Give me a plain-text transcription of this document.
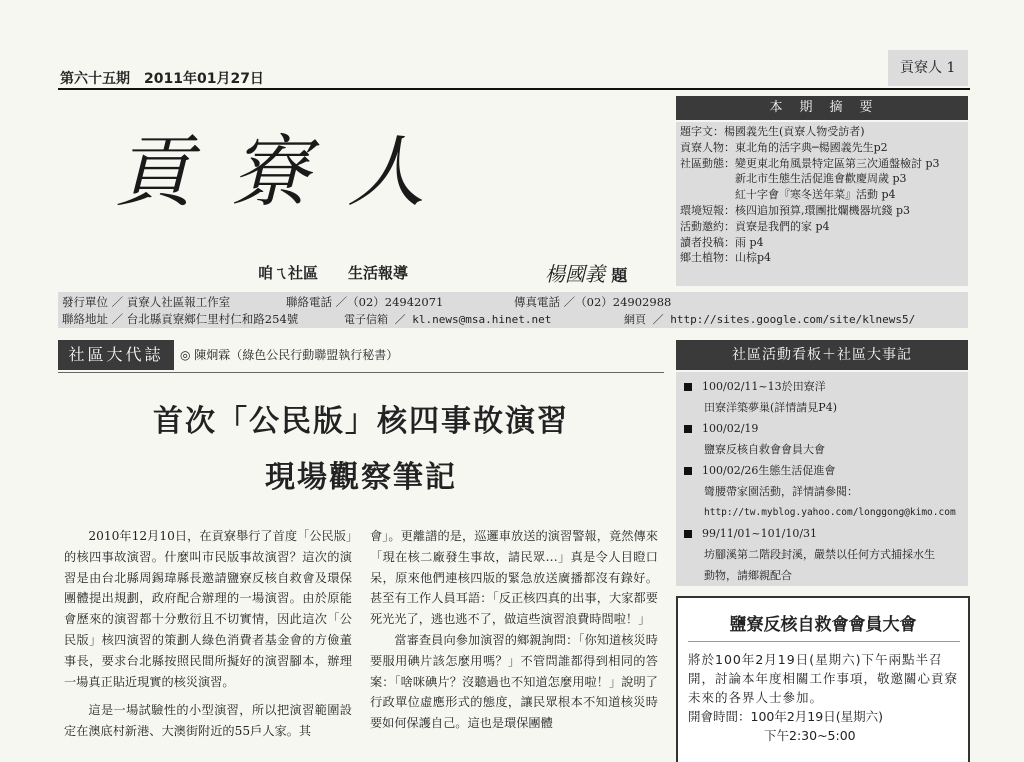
第六十五期　 2011年01月27日
貢寮人 1
貢寮人
咱ㄟ社區　　 生活報導	楊國義 題
本　期　摘　要
題字文：楊國義先生(貢寮人物受訪者)
貢寮人物：東北角的活字典─楊國義先生p2
社區動態：變更東北角風景特定區第三次通盤檢討 p3
　　　　　新北市生態生活促進會歡慶周歲 p3
　　　　　紅十字會『寒冬送年菜』活動 p4
環境短報：核四追加預算,環團批爛機器坑錢 p3
活動邀約：貢寮是我們的家 p4
讀者投稿：雨 p4
鄉土植物：山棕p4
發行單位 ／ 貢寮人社區報工作室	聯絡電話 ／（02）24942071	傳真電話 ／（02）24902988
聯絡地址 ／ 台北縣貢寮鄉仁里村仁和路254號	電子信箱 ／ kl.news@msa.hinet.net	網頁 ／ http://sites.google.com/site/klnews5/
社區大代誌	◎ 陳炯霖（綠色公民行動聯盟執行秘書）
首次「公民版」核四事故演習
現場觀察筆記

2010年12月10日，在貢寮舉行了首度「公民版」的核四事故演習。什麼叫市民版事故演習？這次的演習是由台北縣周錫瑋縣長邀請鹽寮反核自救會及環保團體提出規劃，政府配合辦理的一場演習。由於原能會歷來的演習都十分敷衍且不切實情，因此這次「公民版」核四演習的策劃人綠色消費者基金會的方儉董事長，要求台北縣按照民間所擬好的演習腳本，辦理一場真正貼近現實的核災演習。

這是一場試驗性的小型演習，所以把演習範圍設定在澳底村新港、大澳街附近的55戶人家。其

會」。更離譜的是，巡邏車放送的演習警報，竟然傳來「現在核二廠發生事故，請民眾…」真是令人目瞪口呆，原來他們連核四版的緊急放送廣播都沒有錄好。甚至有工作人員耳語：「反正核四真的出事，大家都要死光光了，逃也逃不了，做這些演習浪費時間啦！」

當審查員向參加演習的鄉親詢問：「你知道核災時要服用碘片該怎麼用嗎？」不管問誰都得到相同的答案：「啥咪碘片？沒聽過也不知道怎麼用啦！」說明了行政單位虛應形式的態度，讓民眾根本不知道核災時要如何保護自己。這也是環保團體

社區活動看板＋社區大事記
100/02/11~13於田寮洋
田寮洋築夢巢(詳情請見P4)
100/02/19
鹽寮反核自救會會員大會
100/02/26生態生活促進會
彎腰帶家園活動，詳情請參閱：
http://tw.myblog.yahoo.com/longgong@kimo.com
99/11/01~101/10/31
坊腳溪第二階段封溪，嚴禁以任何方式捕採水生
動物，請鄉親配合
鹽寮反核自救會會員大會
將於100年2月19日(星期六)下午兩點半召開，討論本年度相關工作事項，敬邀關心貢寮未來的各界人士參加。
開會時間：100年2月19日(星期六)
下午2:30~5:00
